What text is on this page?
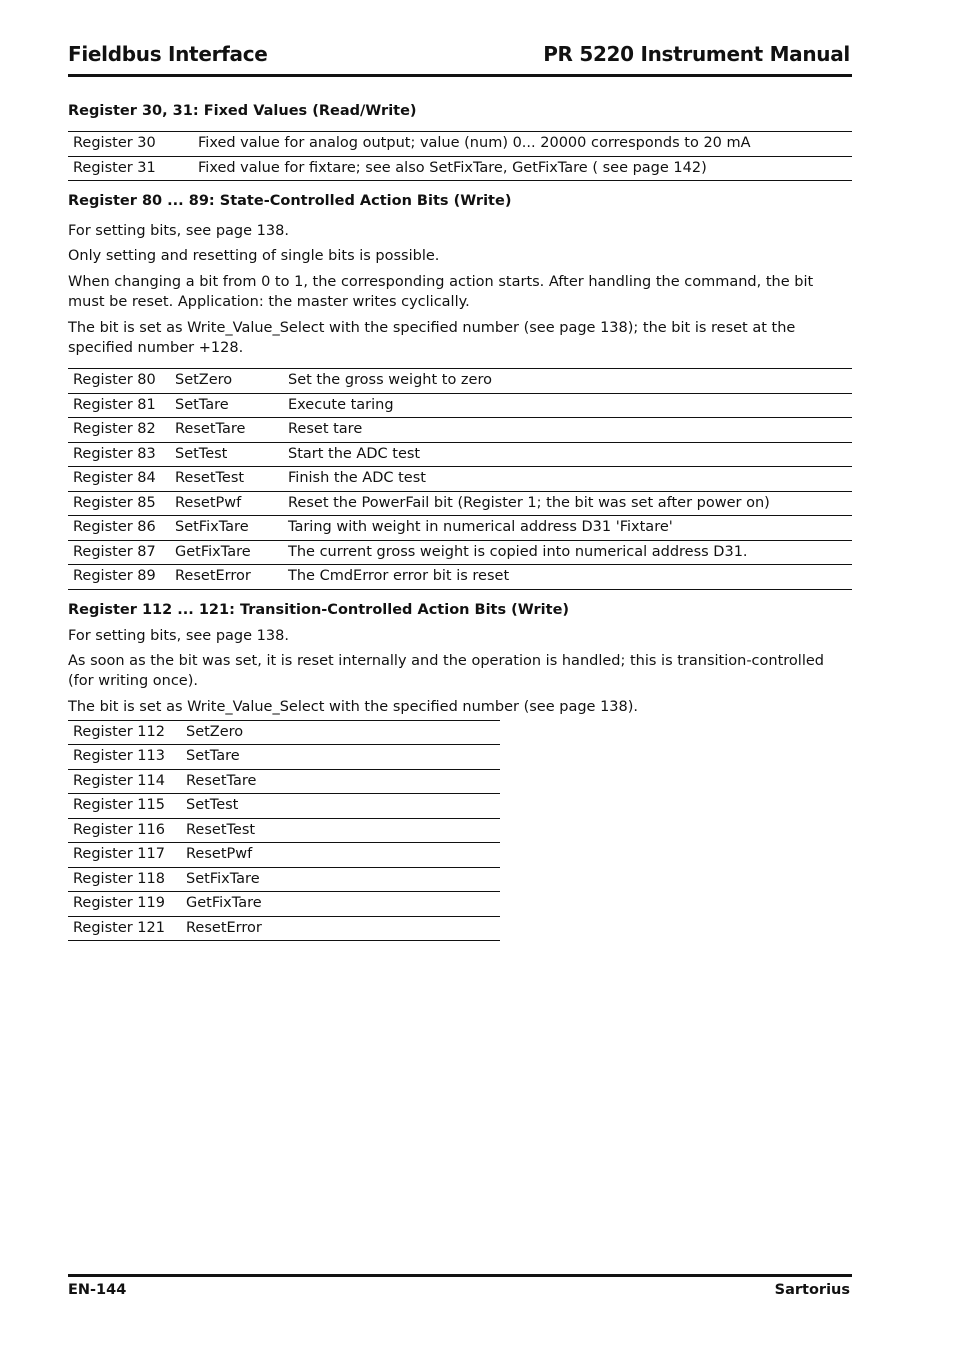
Fieldbus Interface	PR 5220 Instrument Manual
Register 30, 31: Fixed Values (Read/Write)
Register 30	Fixed value for analog output; value (num) 0... 20000 corresponds to 20 mA
Register 31	Fixed value for fixtare; see also SetFixTare, GetFixTare ( see page 142)
Register 80 ... 89: State-Controlled Action Bits (Write)

For setting bits, see page 138.

Only setting and resetting of single bits is possible.

When changing a bit from 0 to 1, the corresponding action starts. After handling the command, the bit must be reset. Application: the master writes cyclically.

The bit is set as Write_Value_Select with the specified number (see page 138); the bit is reset at the specified number +128.

Register 80	SetZero	Set the gross weight to zero
Register 81	SetTare	Execute taring
Register 82	ResetTare	Reset tare
Register 83	SetTest	Start the ADC test
Register 84	ResetTest	Finish the ADC test
Register 85	ResetPwf	Reset the PowerFail bit (Register 1; the bit was set after power on)
Register 86	SetFixTare	Taring with weight in numerical address D31 'Fixtare'
Register 87	GetFixTare	The current gross weight is copied into numerical address D31.
Register 89	ResetError	The CmdError error bit is reset
Register 112 ... 121: Transition-Controlled Action Bits (Write)

For setting bits, see page 138.

As soon as the bit was set, it is reset internally and the operation is handled; this is transition-controlled (for writing once).

The bit is set as Write_Value_Select with the specified number (see page 138).

Register 112	SetZero
Register 113	SetTare
Register 114	ResetTare
Register 115	SetTest
Register 116	ResetTest
Register 117	ResetPwf
Register 118	SetFixTare
Register 119	GetFixTare
Register 121	ResetError
EN-144	Sartorius
